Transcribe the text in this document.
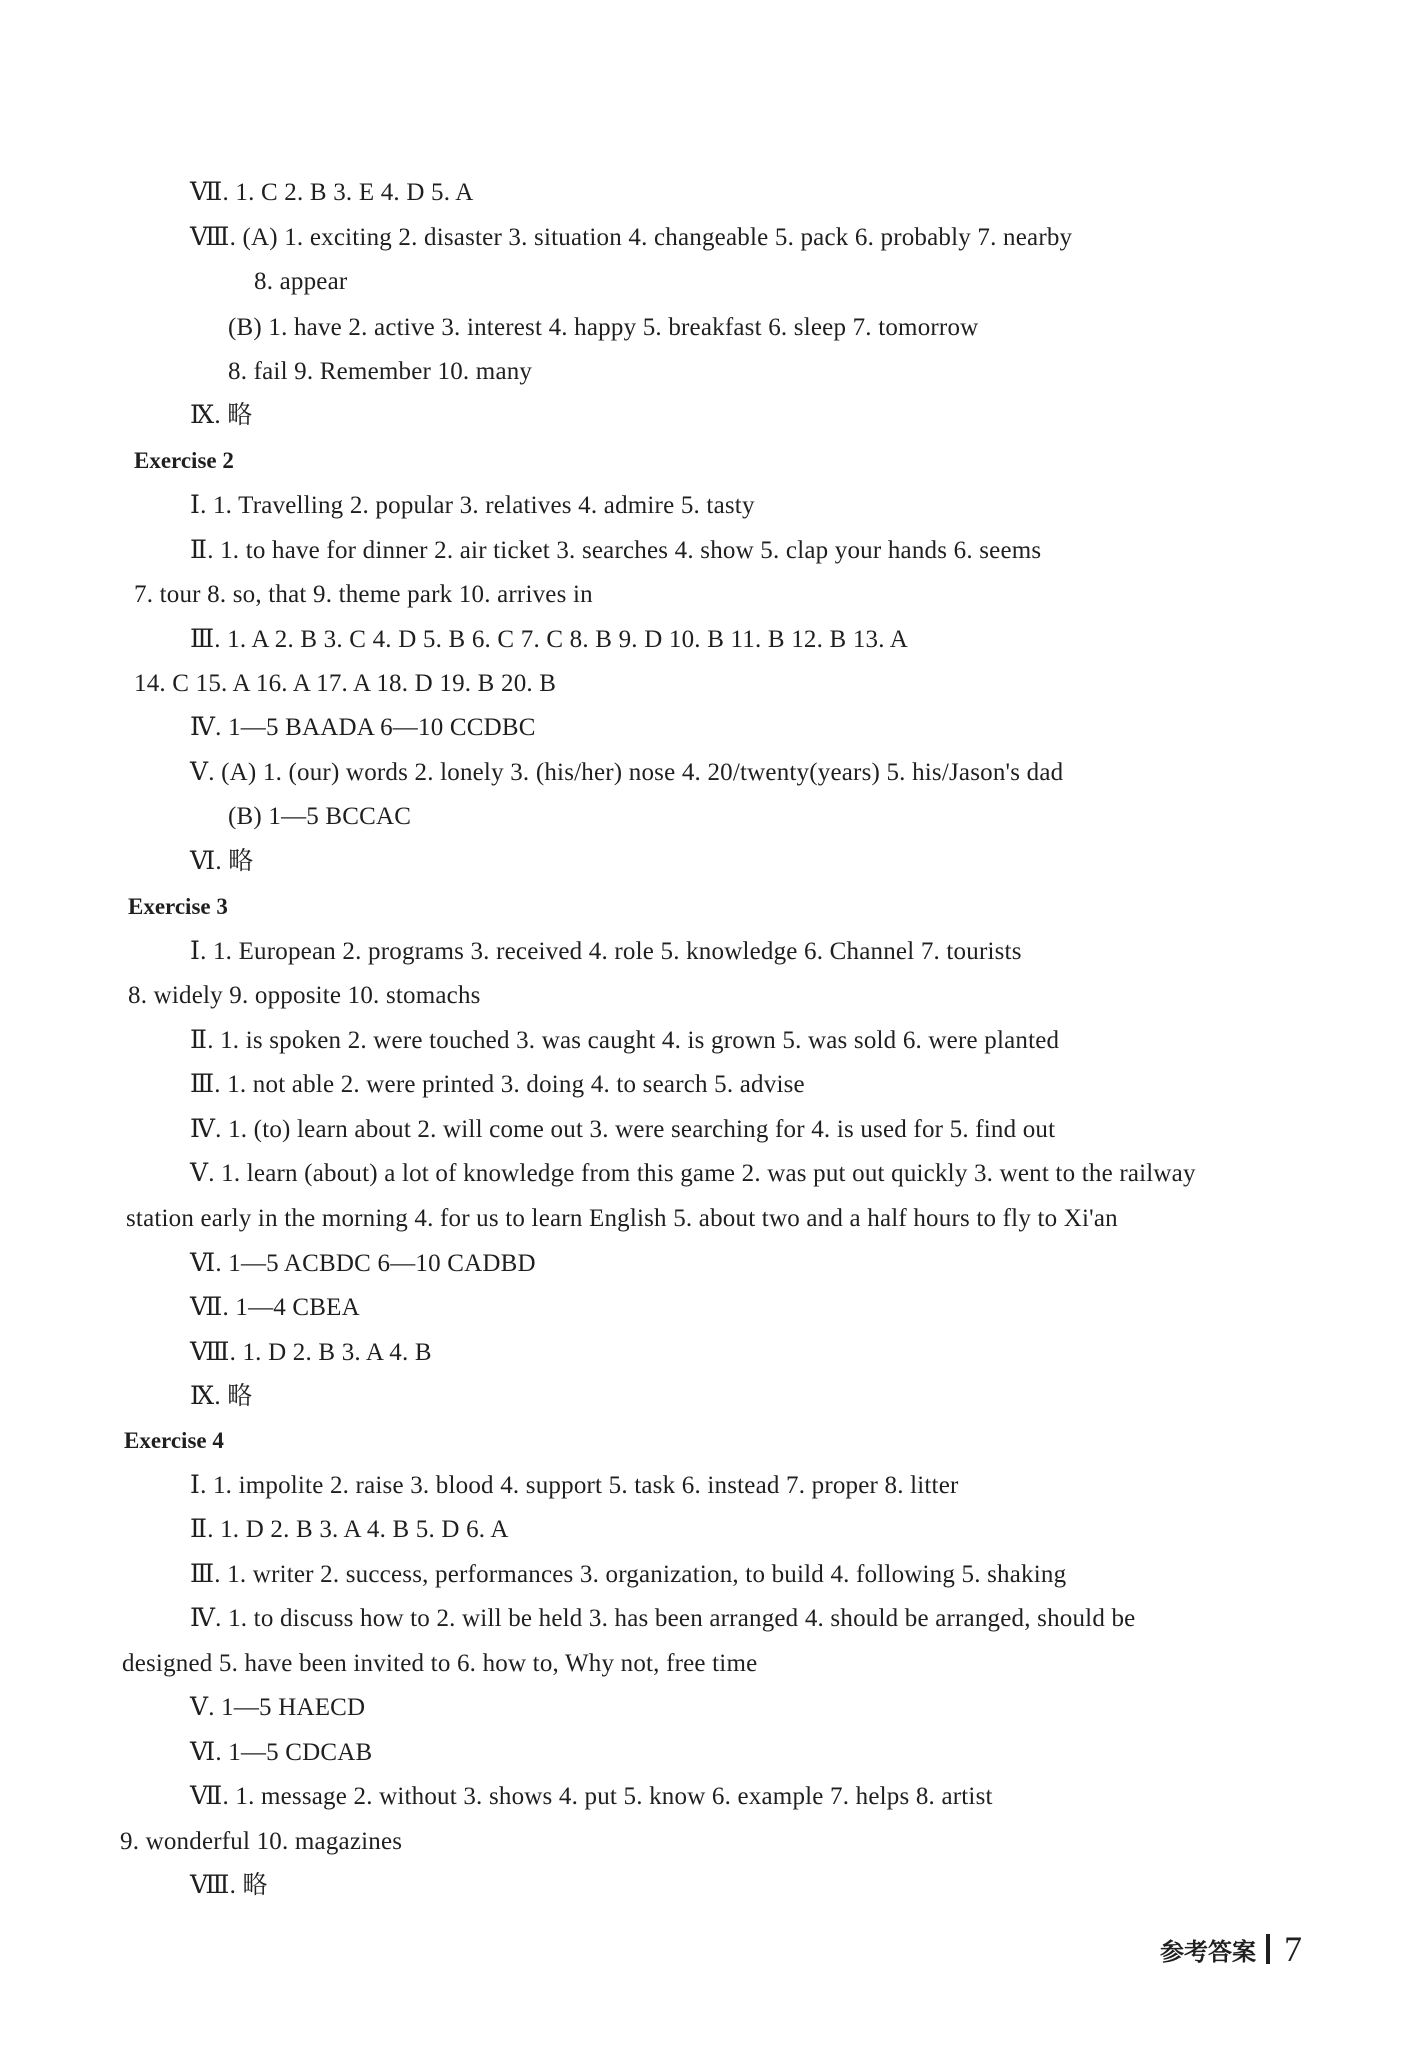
Ⅶ. 1. C 2. B 3. E 4. D 5. A
Ⅷ. (A) 1. exciting 2. disaster 3. situation 4. changeable 5. pack 6. probably 7. nearby
8. appear
(B) 1. have 2. active 3. interest 4. happy 5. breakfast 6. sleep 7. tomorrow
8. fail 9. Remember 10. many
Ⅸ. 略
Exercise 2
Ⅰ. 1. Travelling 2. popular 3. relatives 4. admire 5. tasty
Ⅱ. 1. to have for dinner 2. air ticket 3. searches 4. show 5. clap your hands 6. seems
7. tour 8. so, that 9. theme park 10. arrives in
Ⅲ. 1. A 2. B 3. C 4. D 5. B 6. C 7. C 8. B 9. D 10. B 11. B 12. B 13. A
14. C 15. A 16. A 17. A 18. D 19. B 20. B
Ⅳ. 1—5 BAADA 6—10 CCDBC
Ⅴ. (A) 1. (our) words 2. lonely 3. (his/her) nose 4. 20/twenty(years) 5. his/Jason's dad
(B) 1—5 BCCAC
Ⅵ. 略
Exercise 3
Ⅰ. 1. European 2. programs 3. received 4. role 5. knowledge 6. Channel 7. tourists
8. widely 9. opposite 10. stomachs
Ⅱ. 1. is spoken 2. were touched 3. was caught 4. is grown 5. was sold 6. were planted
Ⅲ. 1. not able 2. were printed 3. doing 4. to search 5. advise
Ⅳ. 1. (to) learn about 2. will come out 3. were searching for 4. is used for 5. find out
Ⅴ. 1. learn (about) a lot of knowledge from this game 2. was put out quickly 3. went to the railway
station early in the morning 4. for us to learn English 5. about two and a half hours to fly to Xi'an
Ⅵ. 1—5 ACBDC 6—10 CADBD
Ⅶ. 1—4 CBEA
Ⅷ. 1. D 2. B 3. A 4. B
Ⅸ. 略
Exercise 4
Ⅰ. 1. impolite 2. raise 3. blood 4. support 5. task 6. instead 7. proper 8. litter
Ⅱ. 1. D 2. B 3. A 4. B 5. D 6. A
Ⅲ. 1. writer 2. success, performances 3. organization, to build 4. following 5. shaking
Ⅳ. 1. to discuss how to 2. will be held 3. has been arranged 4. should be arranged, should be
designed 5. have been invited to 6. how to, Why not, free time
Ⅴ. 1—5 HAECD
Ⅵ. 1—5 CDCAB
Ⅶ. 1. message 2. without 3. shows 4. put 5. know 6. example 7. helps 8. artist
9. wonderful 10. magazines
Ⅷ. 略
参考答案 7
